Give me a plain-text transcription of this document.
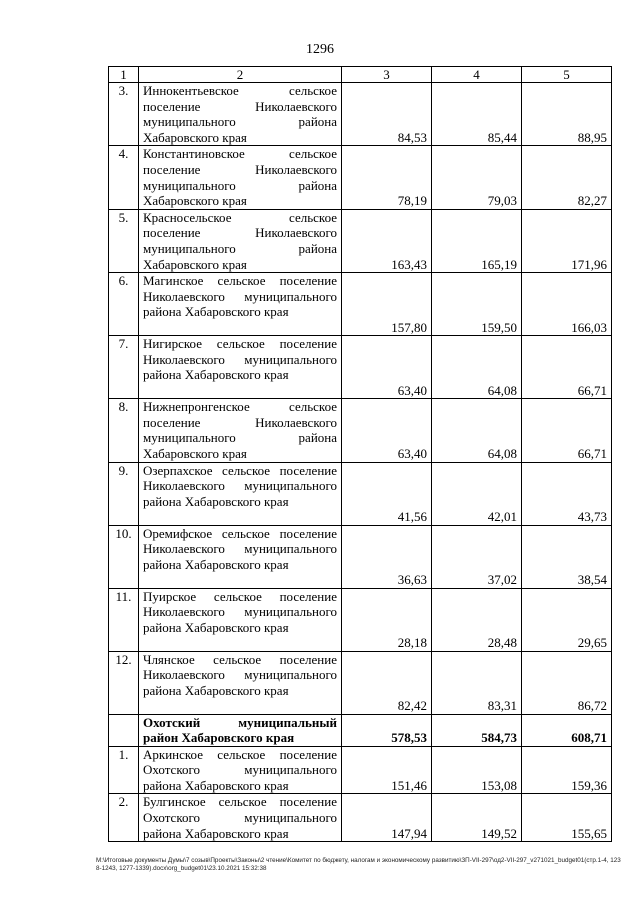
1296
1	2	3	4	5
3.	Иннокентьевское сельское поселение Николаевского муниципального района Хабаровского края	84,53	85,44	88,95
4.	Константиновское сельское поселение Николаевского муниципального района Хабаровского края	78,19	79,03	82,27
5.	Красносельское сельское поселение Николаевского муниципального района Хабаровского края	163,43	165,19	171,96
6.	Магинское сельское поселение Николаевского муниципального района Хабаровского края	157,80	159,50	166,03
7.	Нигирское сельское поселение Николаевского муниципального района Хабаровского края	63,40	64,08	66,71
8.	Нижнепронгенское сельское поселение Николаевского муниципального района Хабаровского края	63,40	64,08	66,71
9.	Озерпахское сельское поселение Николаевского муниципального района Хабаровского края	41,56	42,01	43,73
10.	Оремифское сельское поселение Николаевского муниципального района Хабаровского края	36,63	37,02	38,54
11.	Пуирское сельское поселение Николаевского муниципального района Хабаровского края	28,18	28,48	29,65
12.	Члянское сельское поселение Николаевского муниципального района Хабаровского края	82,42	83,31	86,72
	Охотский муниципальный район Хабаровского края	578,53	584,73	608,71
1.	Аркинское сельское поселение Охотского муниципального района Хабаровского края	151,46	153,08	159,36
2.	Булгинское сельское поселение Охотского муниципального района Хабаровского края	147,94	149,52	155,65
M:\Итоговые документы Думы\7 созыв\Проекты\Законы\2 чтение\Комитет по бюджету, налогам и экономическому развитию\ЗП-VII-297\од2-VII-297_v271021_budget01(стр.1-4, 1238-1243, 1277-1339).docx\org_budget01\23.10.2021 15:32:38
